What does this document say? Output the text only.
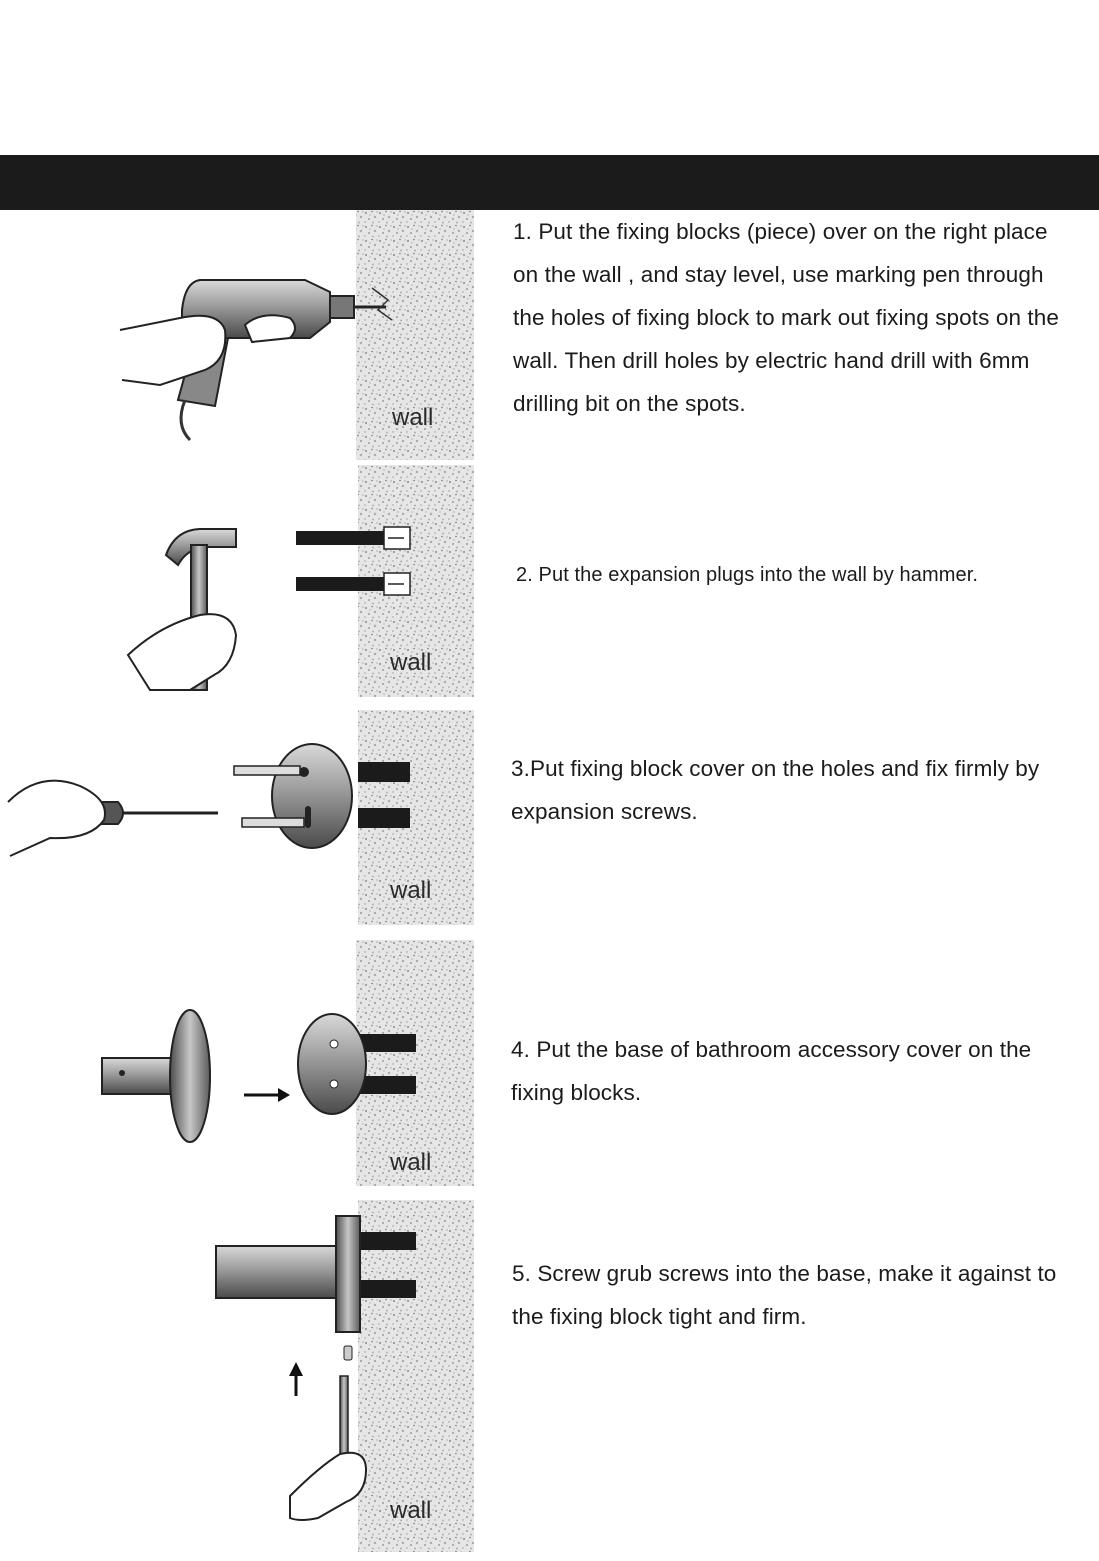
wall
1. Put the fixing blocks (piece) over on the right place on the wall , and stay level, use marking pen through the holes of fixing block to mark out fixing spots on the wall. Then drill holes by electric hand drill with 6mm drilling bit on the spots.
wall
2. Put the expansion plugs into the wall by hammer.
wall
3.Put fixing block cover on the holes and fix firmly by expansion screws.
wall
4. Put the base of bathroom accessory cover on the fixing blocks.
wall
5. Screw grub screws into the base, make it against to the fixing block tight and firm.
